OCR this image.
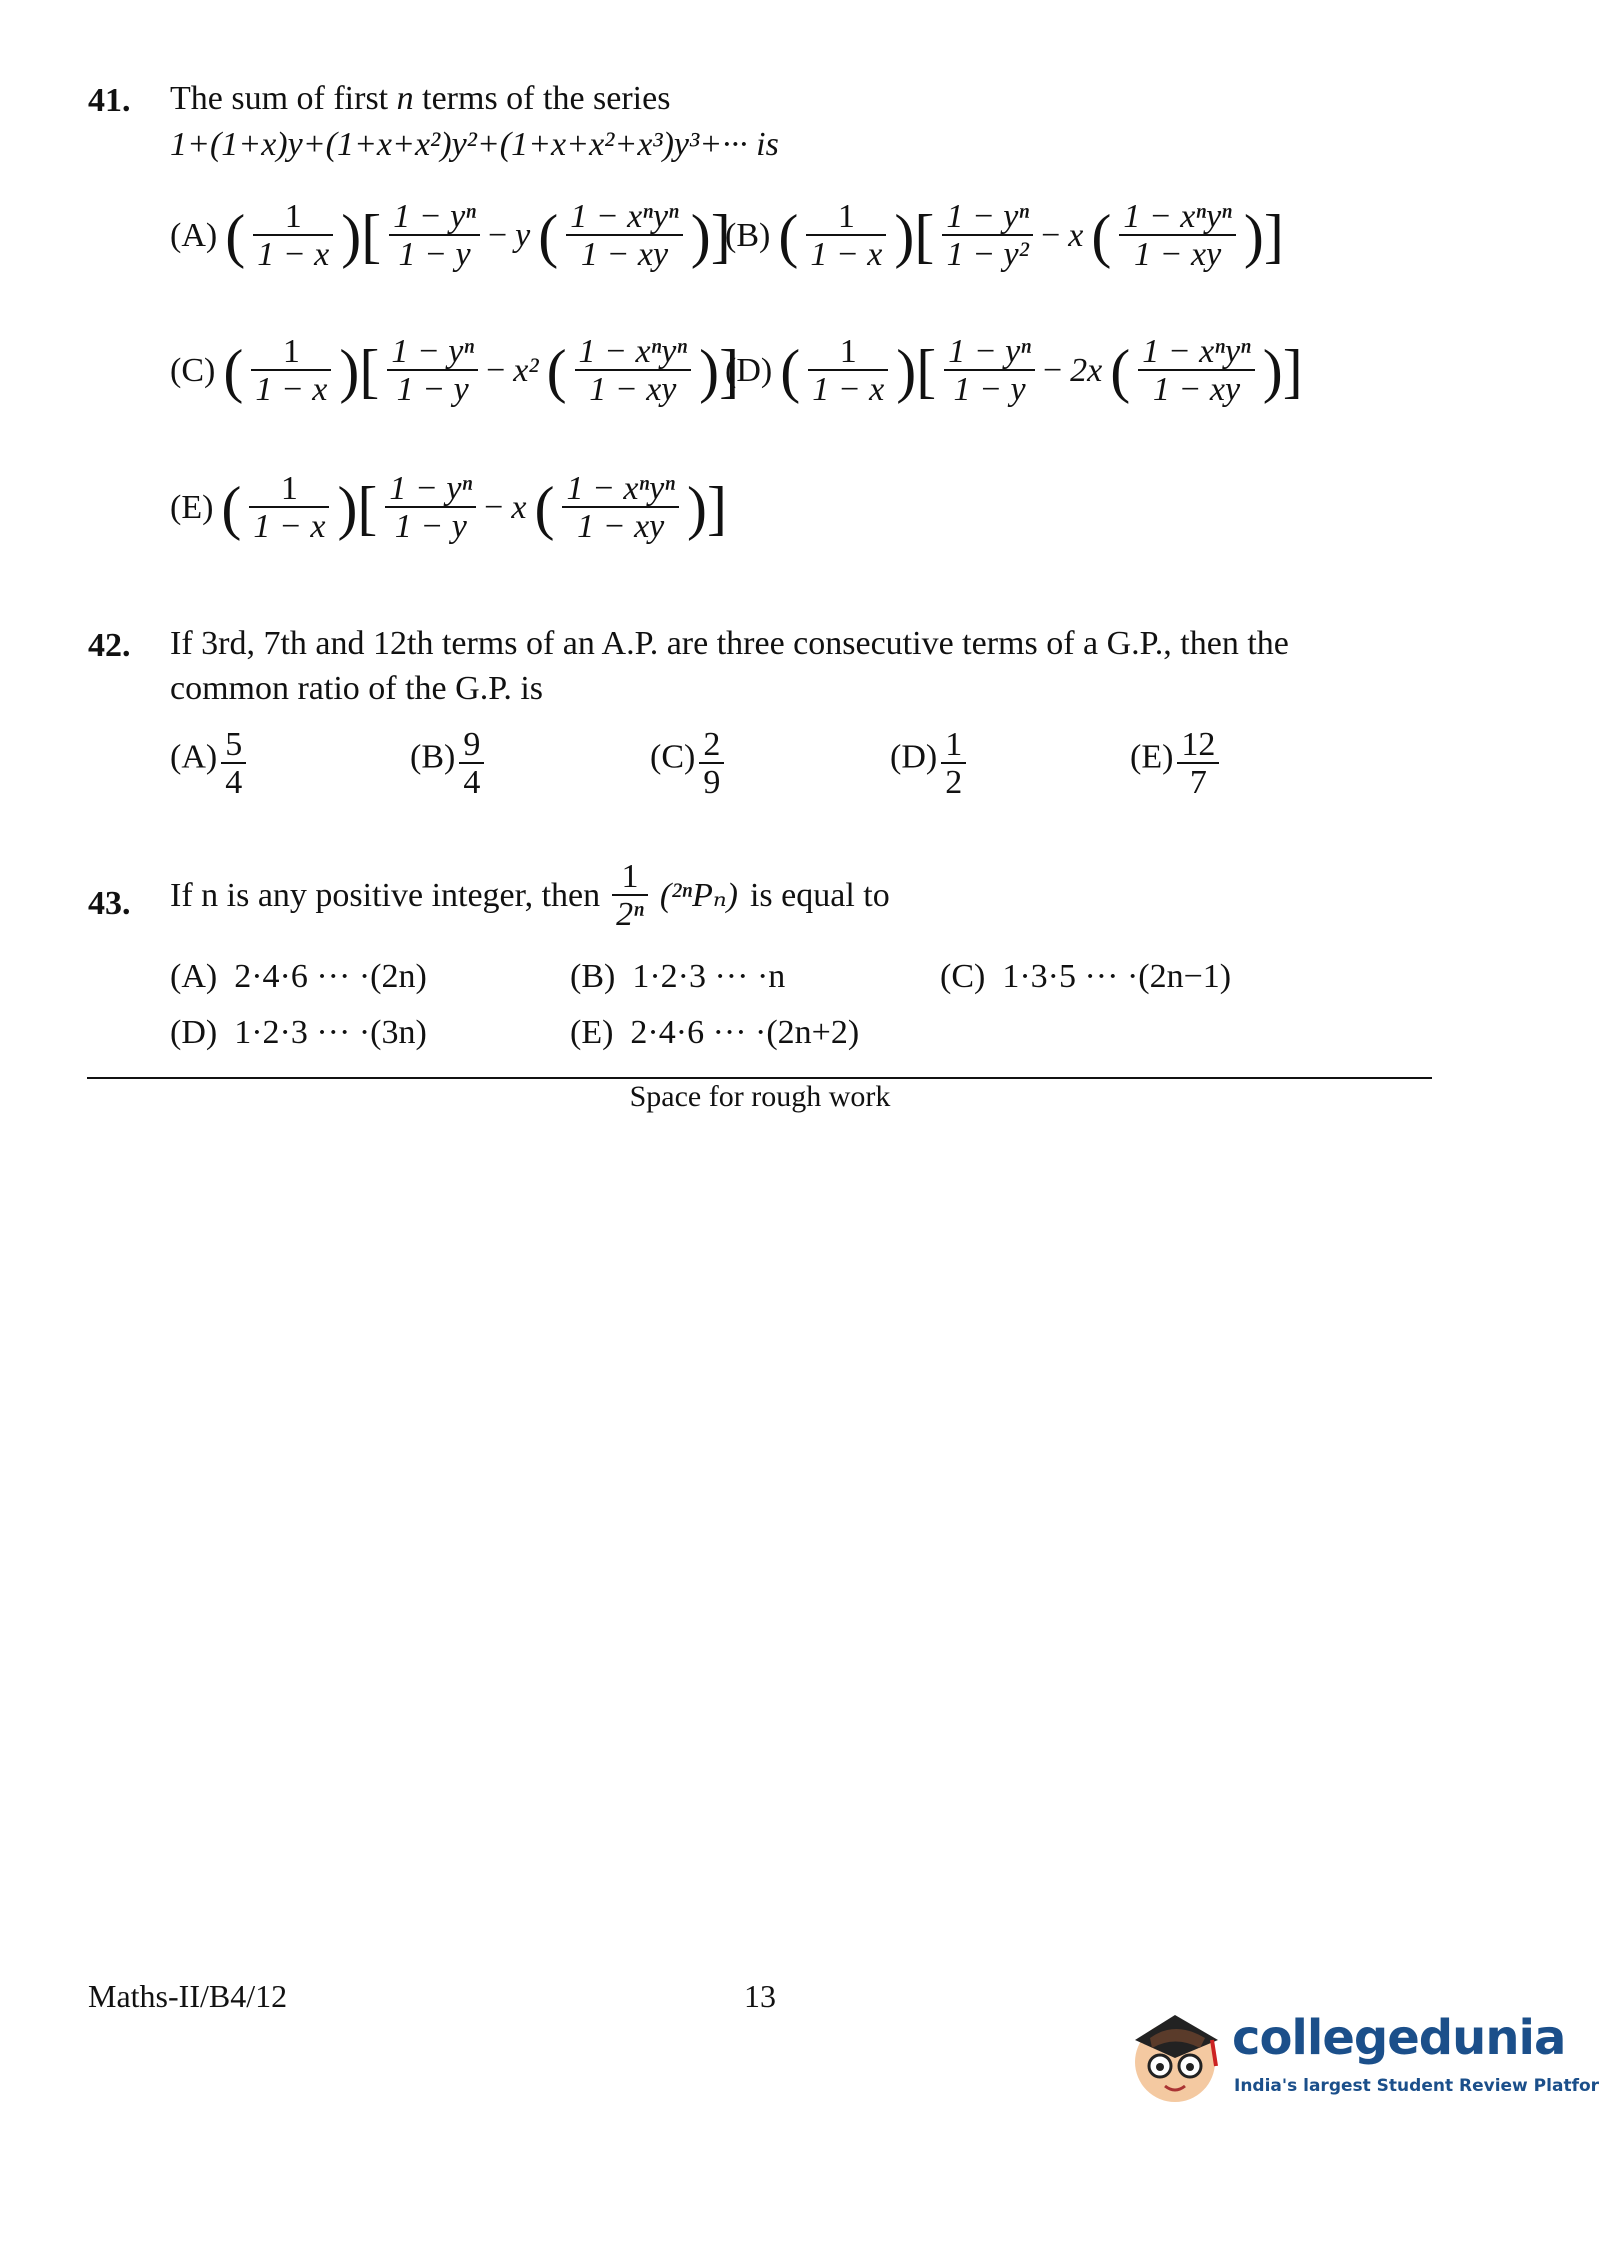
41. The sum of first n terms of the series
1+(1+x)y+(1+x+x²)y²+(1+x+x²+x³)y³+··· is
(A) ( $\frac{1}{1 - x}$ )[ $\frac{\text{1 − yⁿ}}{1 - y} - y$ ( $\frac{\text{1 − xⁿyⁿ}}{1 - xy}$ )]
(B) ( $\frac{1}{1 - x}$ )[ $\frac{\text{1 − yⁿ}}{\text{1 − y²}} - x$ ( $\frac{\text{1 − xⁿyⁿ}}{1 - xy}$ )]
(C) ( $\frac{1}{1 - x}$ )[ $\frac{\text{1 − yⁿ}}{1 - y} - x^2$ ( $\frac{\text{1 − xⁿyⁿ}}{1 - xy}$ )]
(D) ( $\frac{1}{1 - x}$ )[ $\frac{\text{1 − yⁿ}}{1 - y} - 2x$ ( $\frac{\text{1 − xⁿyⁿ}}{1 - xy}$ )]
(E) ( $\frac{1}{1 - x}$ )[ $\frac{\text{1 − yⁿ}}{1 - y} - x$ ( $\frac{\text{1 − xⁿyⁿ}}{1 - xy}$ )]
42. If 3rd, 7th and 12th terms of an A.P. are three consecutive terms of a G.P., then the
common ratio of the G.P. is
$(A) \frac{5}{4}$	$(B) \frac{9}{4}$	$(C) \frac{2}{9}$	$(D) \frac{1}{2}$	$(E) \frac{12}{7}$
43. If n is any positive integer, then $\frac{1}{\text{2ⁿ}} (^{2n}P_n)$ is equal to
(A) 2·4·6 ··· ·(2n)	(B) 1·2·3 ··· ·n	(C) 1·3·5 ··· ·(2n−1)
(D) 1·2·3 ··· ·(3n)	(E) 2·4·6 ··· ·(2n+2)
Space for rough work
Maths-II/B4/12	13
collegedunia
India's largest Student Review Platfor
